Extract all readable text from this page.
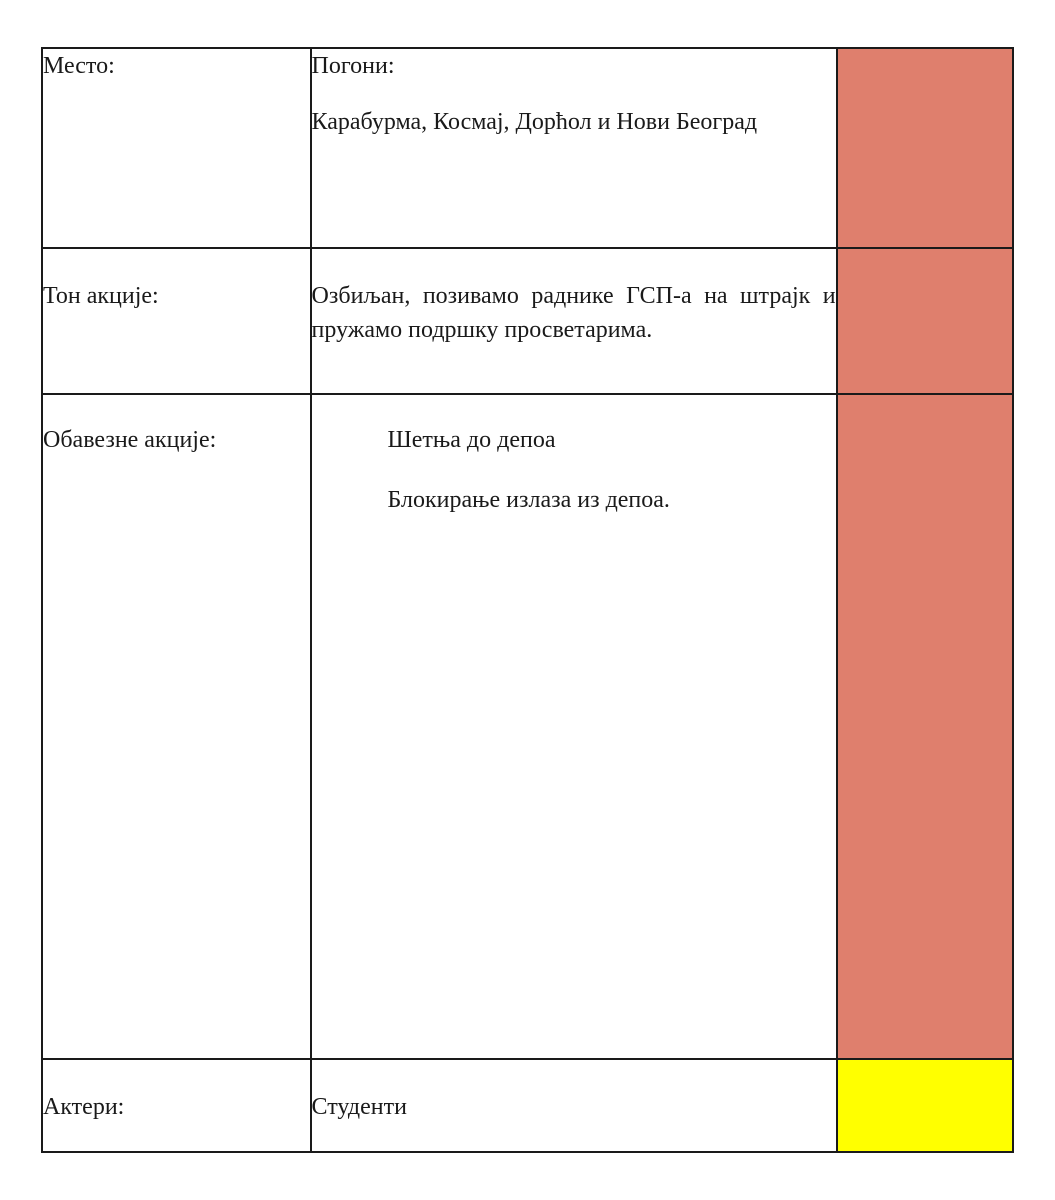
Место:	Погони:

Карабурма, Космај, Дорћол и Нови Београд	

Тон акције:	Озбиљан, позивамо раднике ГСП-а на штрајк и пружамо подршку просветарима.	

Обавезне акције:	Шетња до депоа

Блокирање излаза из депоа.	

Актери:	Студенти	
